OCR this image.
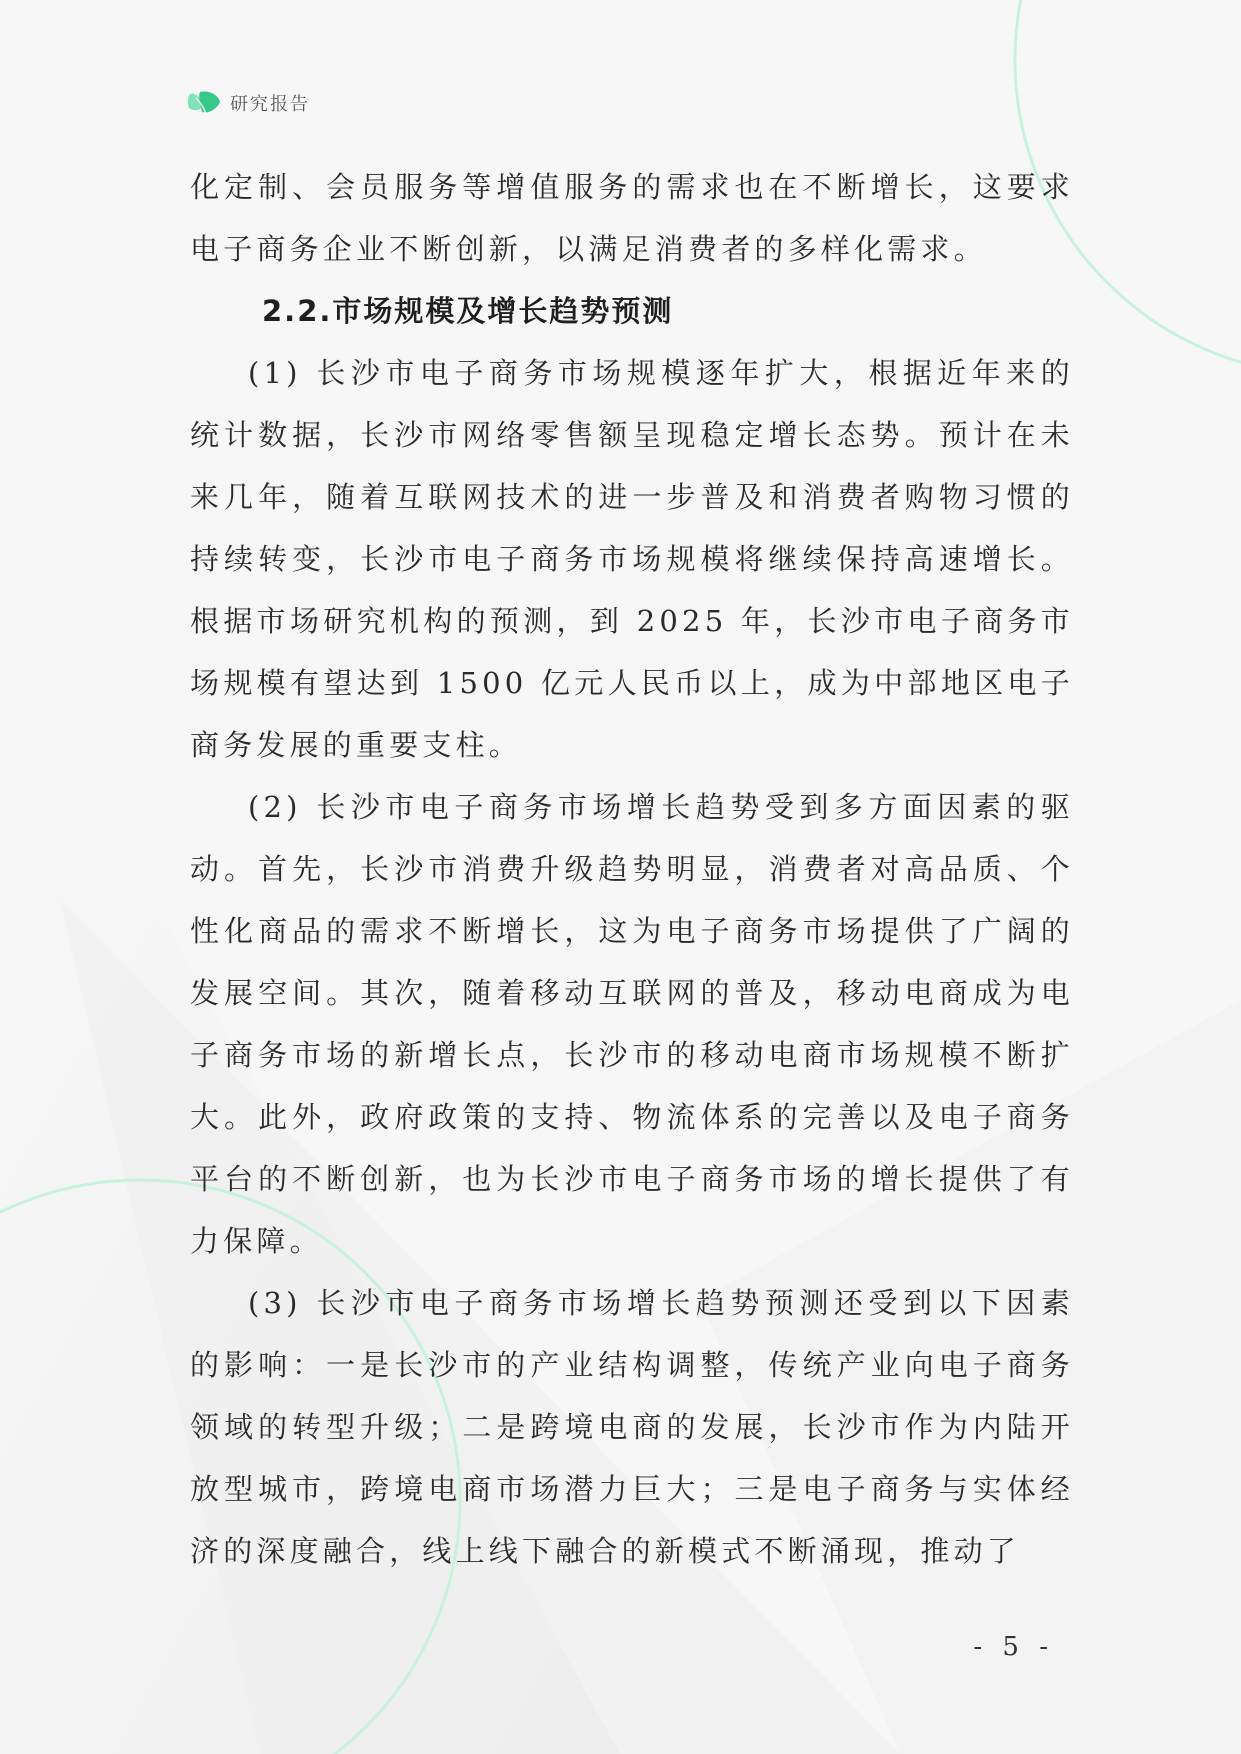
研究报告

化定制、会员服务等增值服务的需求也在不断增长，这要求电子商务企业不断创新，以满足消费者的多样化需求。

2.2.市场规模及增长趋势预测

(1) 长沙市电子商务市场规模逐年扩大，根据近年来的统计数据，长沙市网络零售额呈现稳定增长态势。预计在未来几年，随着互联网技术的进一步普及和消费者购物习惯的持续转变，长沙市电子商务市场规模将继续保持高速增长。根据市场研究机构的预测，到 2025 年，长沙市电子商务市场规模有望达到 1500 亿元人民币以上，成为中部地区电子商务发展的重要支柱。

(2) 长沙市电子商务市场增长趋势受到多方面因素的驱动。首先，长沙市消费升级趋势明显，消费者对高品质、个性化商品的需求不断增长，这为电子商务市场提供了广阔的发展空间。其次，随着移动互联网的普及，移动电商成为电子商务市场的新增长点，长沙市的移动电商市场规模不断扩大。此外，政府政策的支持、物流体系的完善以及电子商务平台的不断创新，也为长沙市电子商务市场的增长提供了有力保障。

(3) 长沙市电子商务市场增长趋势预测还受到以下因素的影响：一是长沙市的产业结构调整，传统产业向电子商务领域的转型升级；二是跨境电商的发展，长沙市作为内陆开放型城市，跨境电商市场潜力巨大；三是电子商务与实体经济的深度融合，线上线下融合的新模式不断涌现，推动了

- 5 -
